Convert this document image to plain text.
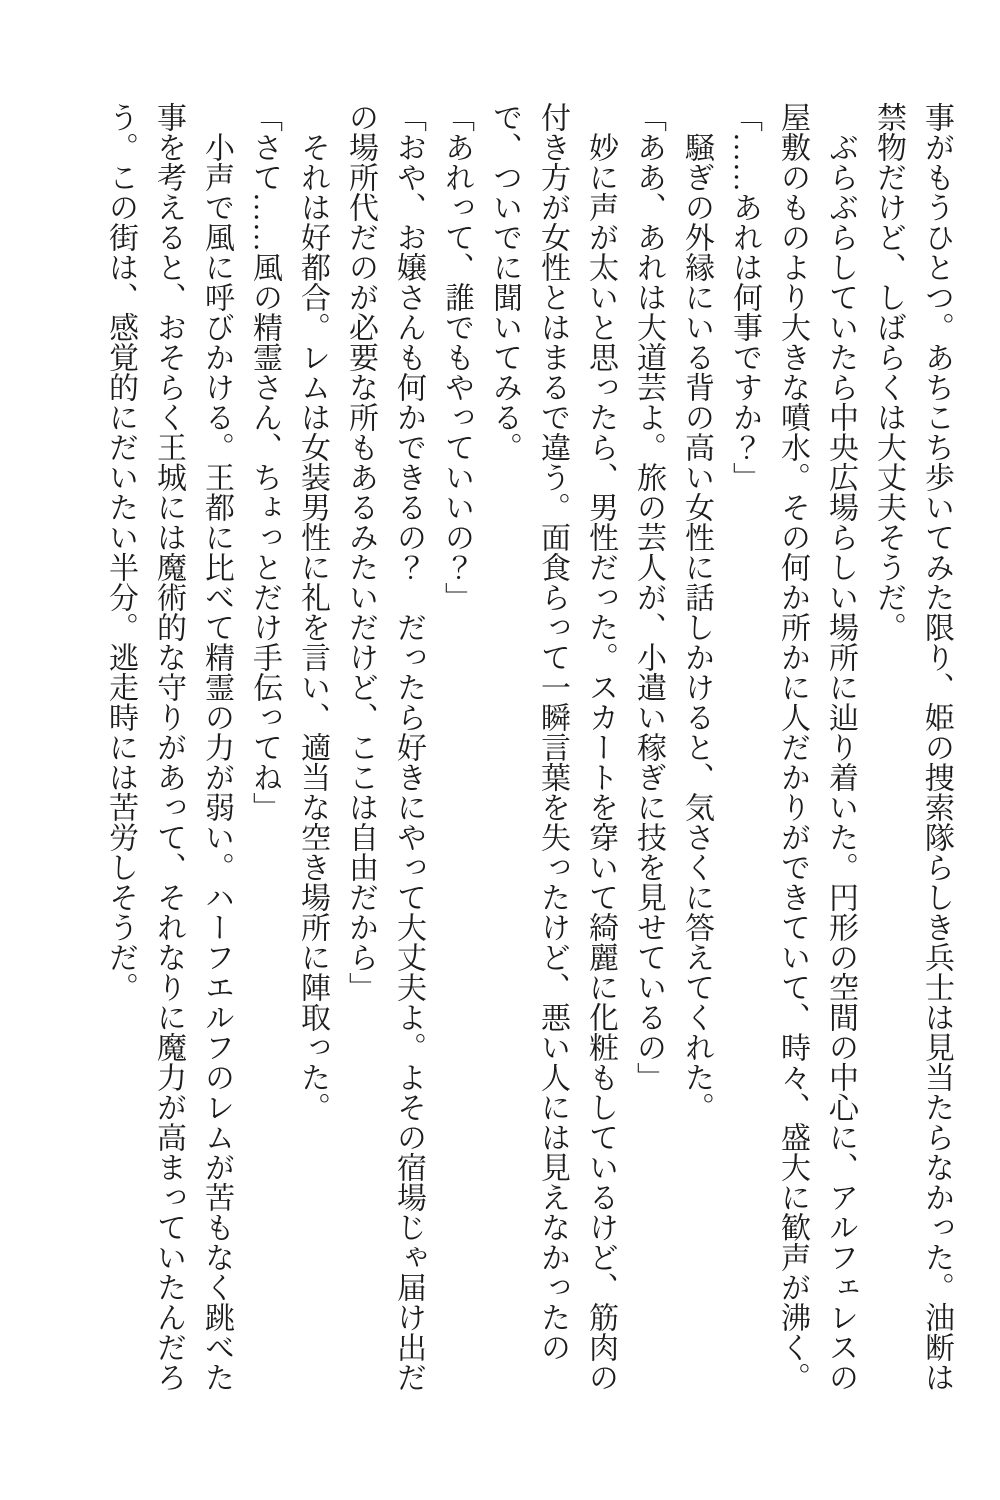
事がもうひとつ。あちこち歩いてみた限り、姫の捜索隊らしき兵士は見当たらなかった。油断は禁物だけど、しばらくは大丈夫そうだ。

　ぶらぶらしていたら中央広場らしい場所に辿り着いた。円形の空間の中心に、アルフェレスの屋敷のものより大きな噴水。その何か所かに人だかりができていて、時々、盛大に歓声が沸く。

「……あれは何事ですか？」

　騒ぎの外縁にいる背の高い女性に話しかけると、気さくに答えてくれた。

「ああ、あれは大道芸よ。旅の芸人が、小遣い稼ぎに技を見せているの」

　妙に声が太いと思ったら、男性だった。スカートを穿いて綺麗に化粧もしているけど、筋肉の付き方が女性とはまるで違う。面食らって一瞬言葉を失ったけど、悪い人には見えなかったので、ついでに聞いてみる。

「あれって、誰でもやっていいの？」

「おや、お嬢さんも何かできるの？　だったら好きにやって大丈夫よ。よその宿場じゃ届け出だの場所代だのが必要な所もあるみたいだけど、ここは自由だから」

　それは好都合。レムは女装男性に礼を言い、適当な空き場所に陣取った。

「さて……風の精霊さん、ちょっとだけ手伝ってね」

　小声で風に呼びかける。王都に比べて精霊の力が弱い。ハーフエルフのレムが苦もなく跳べた事を考えると、おそらく王城には魔術的な守りがあって、それなりに魔力が高まっていたんだろう。この街は、感覚的にだいたい半分。逃走時には苦労しそうだ。
